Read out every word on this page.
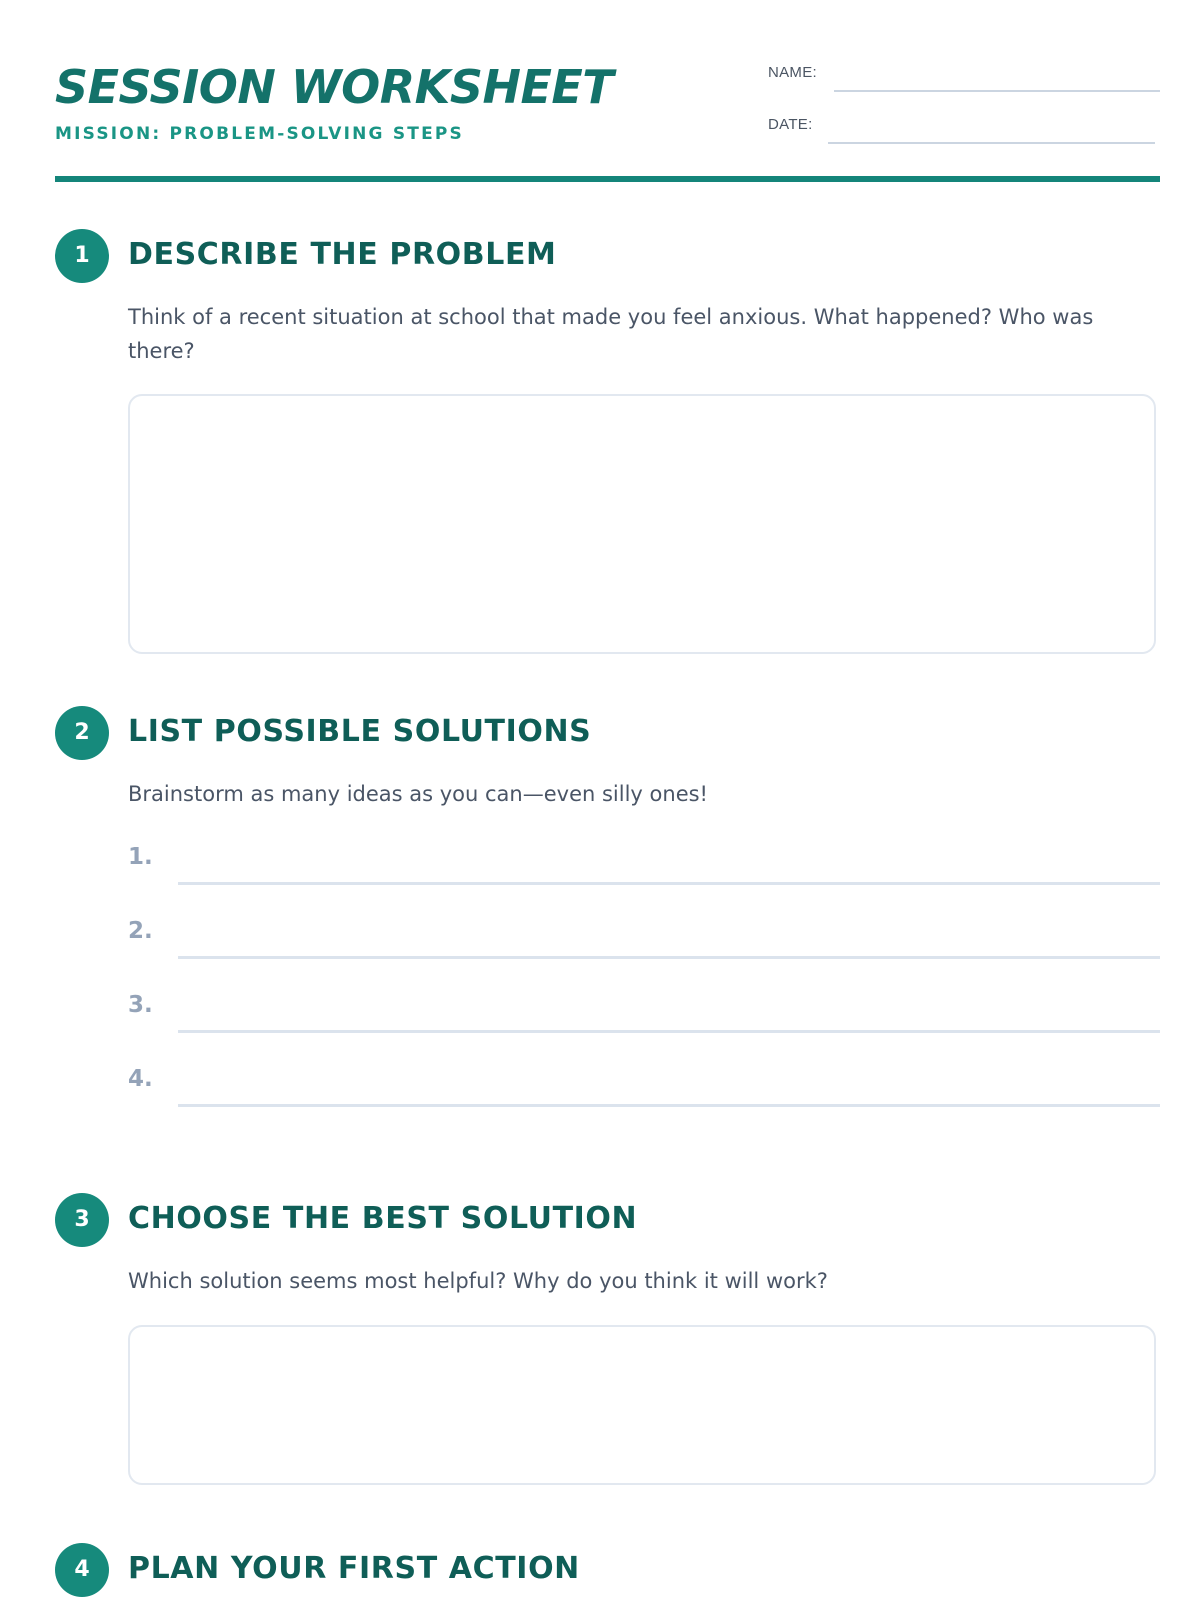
SESSION WORKSHEET
MISSION: PROBLEM-SOLVING STEPS
NAME:
DATE:
1	DESCRIBE THE PROBLEM

Think of a recent situation at school that made you feel anxious. What happened? Who was there?

2	LIST POSSIBLE SOLUTIONS

Brainstorm as many ideas as you can—even silly ones!

1.
2.
3.
4.
3	CHOOSE THE BEST SOLUTION

Which solution seems most helpful? Why do you think it will work?

4	PLAN YOUR FIRST ACTION
